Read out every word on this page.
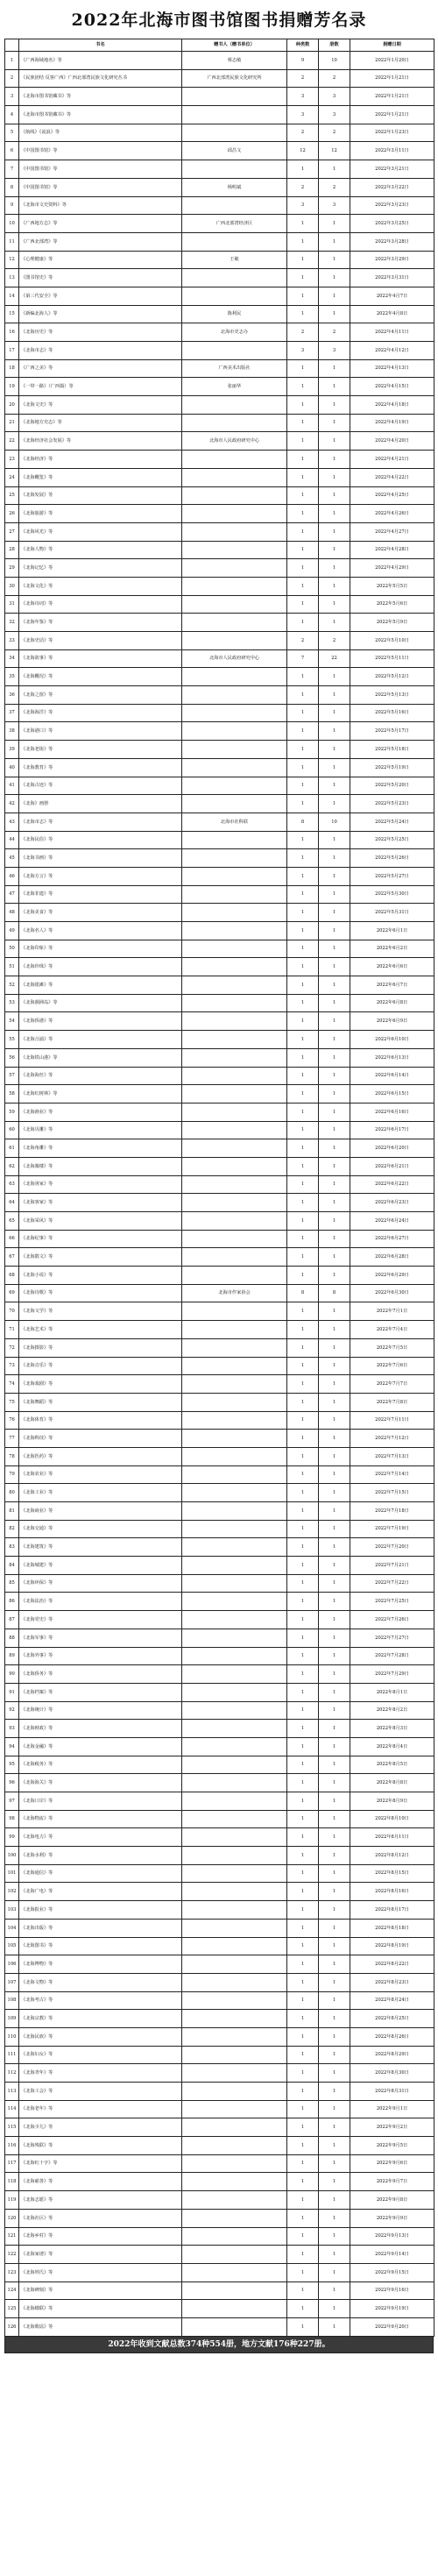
2022年北海市图书馆图书捐赠芳名录
	书名	赠书人（赠书单位）	种类数	册数	捐赠日期
1	《广西海域地名》等	蔡志敏	9	10	2022年1月20日
2	《民族团结 反客广西》广西北部湾民族文化研究丛书	广西北部湾民族文化研究所	2	2	2022年1月21日
3	《北海市图书馆藏书》等		3	3	2022年1月21日
4	《北海市图书馆藏书》等		3	3	2022年1月21日
5	《航线》《流浪》等		2	2	2022年1月23日
6	《中国图书馆》等	邱昌文	12	12	2022年3月11日
7	《中国图书馆》等		1	1	2022年3月21日
8	《中国图书馆》等	杨明斌	2	2	2022年3月22日
9	《北海市文史资料》等		3	3	2022年3月23日
10	《广西地方志》等	广西北部湾经济区	1	1	2022年3月25日
11	《广西北部湾》等		1	1	2022年3月28日
12	《心理健康》等	王敏	1	1	2022年3月29日
13	《图书馆史》等		1	1	2022年3月31日
14	《第三代安全》等		1	1	2022年4月7日
15	《新编北海人》等	陈利民	1	1	2022年4月8日
16	《北海历史》等	北海市史志办	2	2	2022年4月11日
17	《北海市志》等		3	3	2022年4月12日
18	《广西之美》等	广西美术出版社	1	1	2022年4月13日
19	《一带一路》（广西篇）等	张丽华	1	1	2022年4月15日
20	《北海文史》等		1	1	2022年4月18日
21	《北海地方史志》等		1	1	2022年4月19日
22	《北海经济社会发展》等	北海市人民政府研究中心	1	1	2022年4月20日
23	《北海经济》等		1	1	2022年4月21日
24	《北海概览》等		1	1	2022年4月22日
25	《北海发展》等		1	1	2022年4月25日
26	《北海旅游》等		1	1	2022年4月26日
27	《北海风光》等		1	1	2022年4月27日
28	《北海人物》等		1	1	2022年4月28日
29	《北海记忆》等		1	1	2022年4月29日
30	《北海文化》等		1	1	2022年5月5日
31	《北海诗词》等		1	1	2022年5月6日
32	《北海年鉴》等		1	1	2022年5月9日
33	《北海史话》等		2	2	2022年5月10日
34	《北海故事》等	北海市人民政府研究中心	7	22	2022年5月11日
35	《北海概况》等		1	1	2022年5月12日
36	《北海之窗》等		1	1	2022年5月13日
37	《北海海洋》等		1	1	2022年5月16日
38	《北海港口》等		1	1	2022年5月17日
39	《北海老街》等		1	1	2022年5月18日
40	《北海教育》等		1	1	2022年5月19日
41	《北海古迹》等		1	1	2022年5月20日
42	《北海》画册		1	1	2022年5月23日
43	《北海市志》等	北海市社科联	8	10	2022年5月24日
44	《北海民俗》等		1	1	2022年5月25日
45	《北海书画》等		1	1	2022年5月26日
46	《北海方言》等		1	1	2022年5月27日
47	《北海非遗》等		1	1	2022年5月30日
48	《北海美食》等		1	1	2022年5月31日
49	《北海名人》等		1	1	2022年6月1日
50	《北海印象》等		1	1	2022年6月2日
51	《北海珍珠》等		1	1	2022年6月6日
52	《北海银滩》等		1	1	2022年6月7日
53	《北海涠洲岛》等		1	1	2022年6月8日
54	《北海侨港》等		1	1	2022年6月9日
55	《北海合浦》等		1	1	2022年6月10日
56	《北海铁山港》等		1	1	2022年6月13日
57	《北海海丝》等		1	1	2022年6月14日
58	《北海红树林》等		1	1	2022年6月15日
59	《北海渔业》等		1	1	2022年6月16日
60	《北海贝雕》等		1	1	2022年6月17日
61	《北海角雕》等		1	1	2022年6月20日
62	《北海骑楼》等		1	1	2022年6月21日
63	《北海疍家》等		1	1	2022年6月22日
64	《北海客家》等		1	1	2022年6月23日
65	《北海采风》等		1	1	2022年6月24日
66	《北海纪事》等		1	1	2022年6月27日
67	《北海散文》等		1	1	2022年6月28日
68	《北海小说》等		1	1	2022年6月29日
69	《北海诗歌》等	北海市作家协会	8	8	2022年6月30日
70	《北海文学》等		1	1	2022年7月1日
71	《北海艺术》等		1	1	2022年7月4日
72	《北海摄影》等		1	1	2022年7月5日
73	《北海音乐》等		1	1	2022年7月6日
74	《北海戏剧》等		1	1	2022年7月7日
75	《北海舞蹈》等		1	1	2022年7月8日
76	《北海体育》等		1	1	2022年7月11日
77	《北海科技》等		1	1	2022年7月12日
78	《北海医药》等		1	1	2022年7月13日
79	《北海农业》等		1	1	2022年7月14日
80	《北海工业》等		1	1	2022年7月15日
81	《北海商业》等		1	1	2022年7月18日
82	《北海交通》等		1	1	2022年7月19日
83	《北海建筑》等		1	1	2022年7月20日
84	《北海城建》等		1	1	2022年7月21日
85	《北海环保》等		1	1	2022年7月22日
86	《北海法治》等		1	1	2022年7月25日
87	《北海党史》等		1	1	2022年7月26日
88	《北海军事》等		1	1	2022年7月27日
89	《北海外事》等		1	1	2022年7月28日
90	《北海侨务》等		1	1	2022年7月29日
91	《北海档案》等		1	1	2022年8月1日
92	《北海统计》等		1	1	2022年8月2日
93	《北海财政》等		1	1	2022年8月3日
94	《北海金融》等		1	1	2022年8月4日
95	《北海税务》等		1	1	2022年8月5日
96	《北海海关》等		1	1	2022年8月8日
97	《北海口岸》等		1	1	2022年8月9日
98	《北海物流》等		1	1	2022年8月10日
99	《北海电力》等		1	1	2022年8月11日
100	《北海水利》等		1	1	2022年8月12日
101	《北海通信》等		1	1	2022年8月15日
102	《北海广电》等		1	1	2022年8月16日
103	《北海报业》等		1	1	2022年8月17日
104	《北海出版》等		1	1	2022年8月18日
105	《北海图书》等		1	1	2022年8月19日
106	《北海博物》等		1	1	2022年8月22日
107	《北海文物》等		1	1	2022年8月23日
108	《北海考古》等		1	1	2022年8月24日
109	《北海宗教》等		1	1	2022年8月25日
110	《北海民族》等		1	1	2022年8月26日
111	《北海妇女》等		1	1	2022年8月29日
112	《北海青年》等		1	1	2022年8月30日
113	《北海工会》等		1	1	2022年8月31日
114	《北海老年》等		1	1	2022年9月1日
115	《北海少儿》等		1	1	2022年9月2日
116	《北海残联》等		1	1	2022年9月5日
117	《北海红十字》等		1	1	2022年9月6日
118	《北海慈善》等		1	1	2022年9月7日
119	《北海志愿》等		1	1	2022年9月8日
120	《北海社区》等		1	1	2022年9月9日
121	《北海乡村》等		1	1	2022年9月13日
122	《北海家谱》等		1	1	2022年9月14日
123	《北海姓氏》等		1	1	2022年9月15日
124	《北海碑刻》等		1	1	2022年9月16日
125	《北海楹联》等		1	1	2022年9月19日
126	《北海歌谣》等		1	1	2022年9月20日
2022年收到文献总数374种554册，地方文献176种227册。
